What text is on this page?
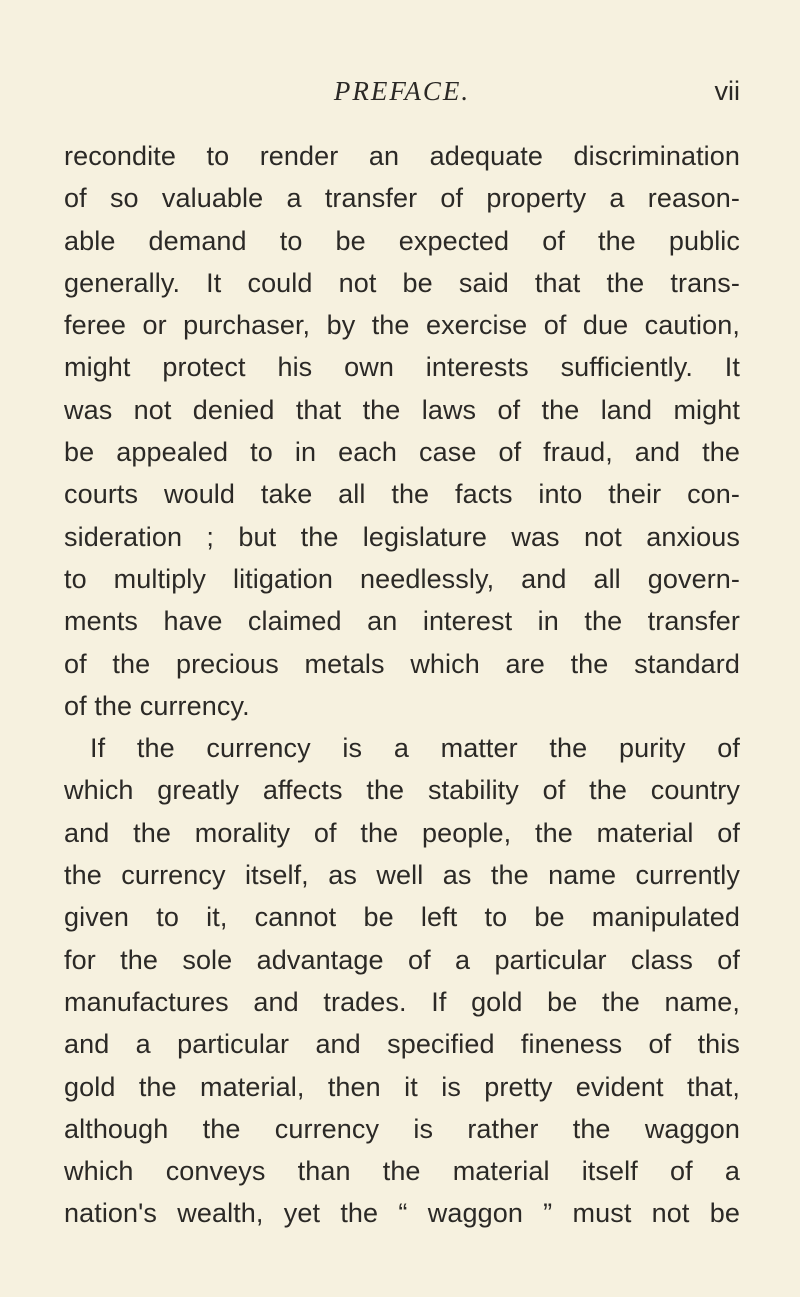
PREFACE.	vii
recondite to render an adequate discrimination
of so valuable a transfer of property a reason-
able demand to be expected of the public
generally. It could not be said that the trans-
feree or purchaser, by the exercise of due caution,
might protect his own interests sufficiently. It
was not denied that the laws of the land might
be appealed to in each case of fraud, and the
courts would take all the facts into their con-
sideration ; but the legislature was not anxious
to multiply litigation needlessly, and all govern-
ments have claimed an interest in the transfer
of the precious metals which are the standard
of the currency.
If the currency is a matter the purity of
which greatly affects the stability of the country
and the morality of the people, the material of
the currency itself, as well as the name currently
given to it, cannot be left to be manipulated
for the sole advantage of a particular class of
manufactures and trades. If gold be the name,
and a particular and specified fineness of this
gold the material, then it is pretty evident that,
although the currency is rather the waggon
which conveys than the material itself of a
nation's wealth, yet the “ waggon ” must not be
